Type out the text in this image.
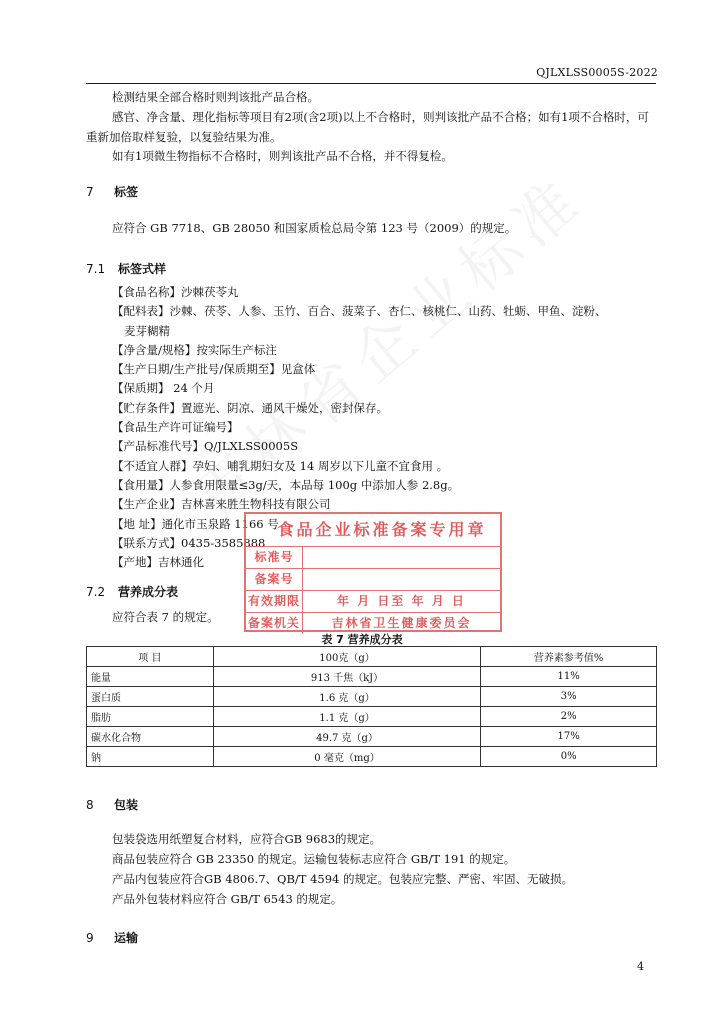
QJLXLSS0005S-2022
检测结果全部合格时则判该批产品合格。
感官、净含量、理化指标等项目有2项(含2项)以上不合格时，则判该批产品不合格；如有1项不合格时，可重新加倍取样复验，以复验结果为准。
如有1项微生物指标不合格时，则判该批产品不合格，并不得复检。
7 标签
应符合 GB 7718、GB 28050 和国家质检总局令第 123 号（2009）的规定。
7.1 标签式样
【食品名称】沙棘茯苓丸
【配料表】沙棘、茯苓、人参、玉竹、百合、菠菜子、杏仁、核桃仁、山药、牡蛎、甲鱼、淀粉、
麦芽糊精
【净含量/规格】按实际生产标注
【生产日期/生产批号/保质期至】见盒体
【保质期】 24 个月
【贮存条件】置遮光、阴凉、通风干燥处，密封保存。
【食品生产许可证编号】
【产品标准代号】Q/JLXLSS0005S
【不适宜人群】孕妇、哺乳期妇女及 14 周岁以下儿童不宜食用 。
【食用量】人参食用限量≤3g/天，本品每 100g 中添加人参 2.8g。
【生产企业】吉林喜来胜生物科技有限公司
【地 址】通化市玉泉路 1166 号
【联系方式】0435-3585888
【产地】吉林通化
7.2 营养成分表
应符合表 7 的规定。
食品企业标准备案专用章
标准号
备案号
有效期限	年 月 日至 年 月 日
备案机关	吉林省卫生健康委员会
表 7 营养成分表
项 目	100克（g）	营养素参考值%
能量	913 千焦（kJ）	11%
蛋白质	1.6 克（g）	3%
脂肪	1.1 克（g）	2%
碳水化合物	49.7 克（g）	17%
钠	0 毫克（mg）	0%
8 包装
包装袋选用纸塑复合材料，应符合GB 9683的规定。
商品包装应符合 GB 23350 的规定。运输包装标志应符合 GB/T 191 的规定。
产品内包装应符合GB 4806.7、QB/T 4594 的规定。包装应完整、严密、牢固、无破损。
产品外包装材料应符合 GB/T 6543 的规定。
9 运输
4
